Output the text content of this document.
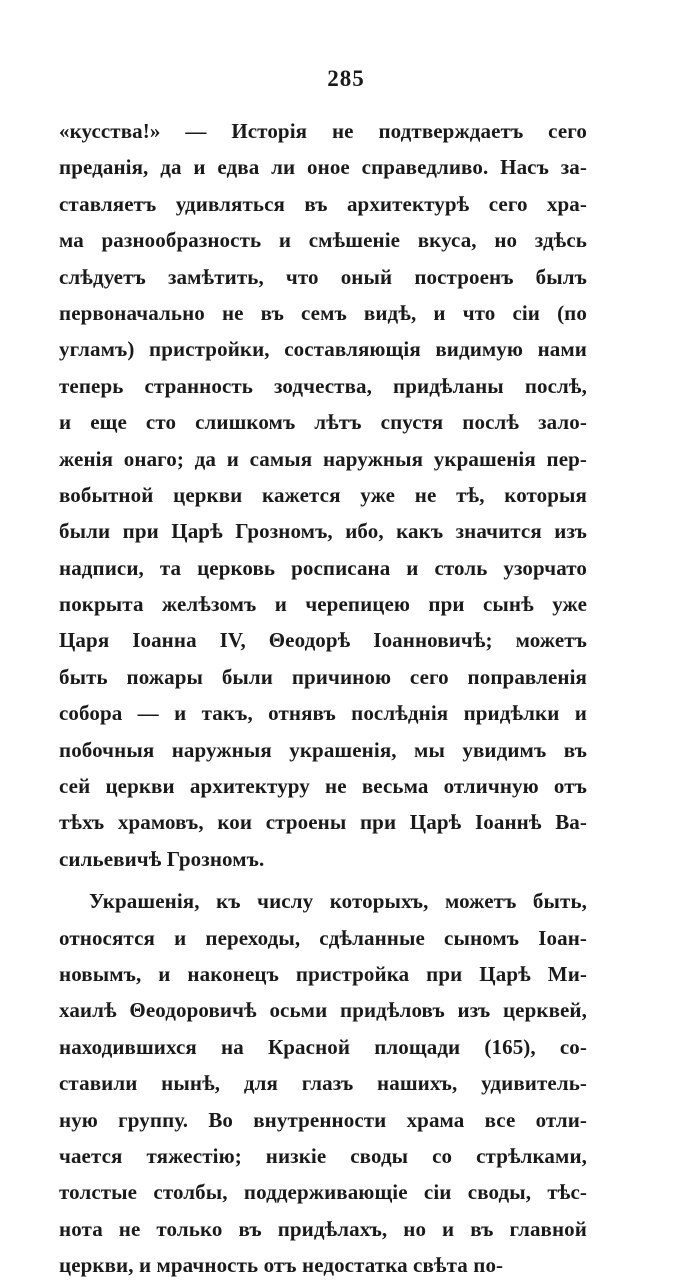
285
«кусства!» — Исторія не подтверждаетъ сего
преданія, да и едва ли оное справедливо. Насъ за-
ставляетъ удивляться въ архитектурѣ сего хра-
ма разнообразность и смѣшеніе вкуса, но здѣсь
слѣдуетъ замѣтить, что оный построенъ былъ
первоначально не въ семъ видѣ, и что сіи (по
угламъ) пристройки, составляющія видимую нами
теперь странность зодчества, придѣланы послѣ,
и еще сто слишкомъ лѣтъ спустя послѣ зало-
женія онаго; да и самыя наружныя украшенія пер-
вобытной церкви кажется уже не тѣ, которыя
были при Царѣ Грозномъ, ибо, какъ значится изъ
надписи, та церковь росписана и столь узорчато
покрыта желѣзомъ и черепицею при сынѣ уже
Царя Іоанна IV, Θеодорѣ Іоанновичѣ; можетъ
быть пожары были причиною сего поправленія
собора — и такъ, отнявъ послѣднія придѣлки и
побочныя наружныя украшенія, мы увидимъ въ
сей церкви архитектуру не весьма отличную отъ
тѣхъ храмовъ, кои строены при Царѣ Іоаннѣ Ва-
сильевичѣ Грозномъ.
Украшенія, къ числу которыхъ, можетъ быть,
относятся и переходы, сдѣланные сыномъ Іоан-
новымъ, и наконецъ пристройка при Царѣ Ми-
хаилѣ Θеодоровичѣ осьми придѣловъ изъ церквей,
находившихся на Красной площади (165), со-
ставили нынѣ, для глазъ нашихъ, удивитель-
ную группу. Во внутренности храма все отли-
чается тяжестію; низкіе своды со стрѣлками,
толстые столбы, поддерживающіе сіи своды, тѣс-
нота не только въ придѣлахъ, но и въ главной
церкви, и мрачность отъ недостатка свѣта по-
